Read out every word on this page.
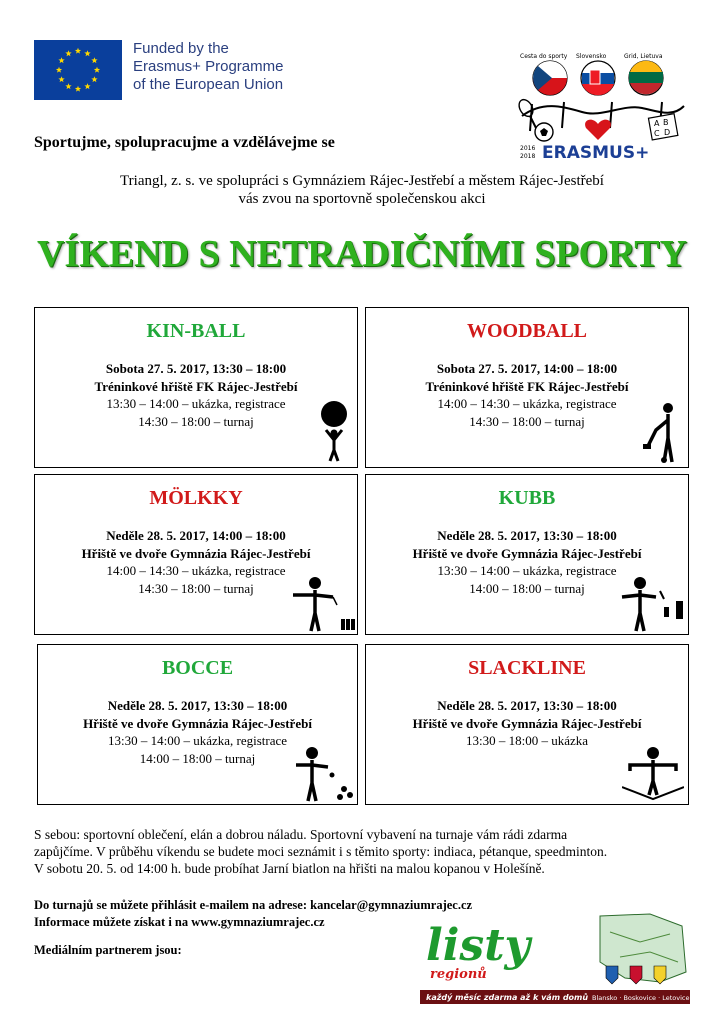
Funded by the
Erasmus+ Programme
of the European Union
Cesta do sporty Slovensko	Grid, Lietuva
A B
C D
2016
2018 ERASMUS+
Sportujme, spolupracujme a vzdělávejme se
Triangl, z. s. ve spolupráci s Gymnáziem Rájec-Jestřebí a městem Rájec-Jestřebí
vás zvou na sportovně společenskou akci
VÍKEND S NETRADIČNÍMI SPORTY
KIN-BALL
Sobota 27. 5. 2017, 13:30 – 18:00
Tréninkové hřiště FK Rájec-Jestřebí
13:30 – 14:00 – ukázka, registrace
14:30 – 18:00 – turnaj
WOODBALL
Sobota 27. 5. 2017, 14:00 – 18:00
Tréninkové hřiště FK Rájec-Jestřebí
14:00 – 14:30 – ukázka, registrace
14:30 – 18:00 – turnaj
MÖLKKY
Neděle 28. 5. 2017, 14:00 – 18:00
Hřiště ve dvoře Gymnázia Rájec-Jestřebí
14:00 – 14:30 – ukázka, registrace
14:30 – 18:00 – turnaj
KUBB
Neděle 28. 5. 2017, 13:30 – 18:00
Hřiště ve dvoře Gymnázia Rájec-Jestřebí
13:30 – 14:00 – ukázka, registrace
14:00 – 18:00 – turnaj
BOCCE
Neděle 28. 5. 2017, 13:30 – 18:00
Hřiště ve dvoře Gymnázia Rájec-Jestřebí
13:30 – 14:00 – ukázka, registrace
14:00 – 18:00 – turnaj
SLACKLINE
Neděle 28. 5. 2017, 13:30 – 18:00
Hřiště ve dvoře Gymnázia Rájec-Jestřebí
13:30 – 18:00 – ukázka
S sebou: sportovní oblečení, elán a dobrou náladu. Sportovní vybavení na turnaje vám rádi zdarma
zapůjčíme. V průběhu víkendu se budete moci seznámit i s těmito sporty: indiaca, pétanque, speedminton.
V sobotu 20. 5. od 14:00 h. bude probíhat Jarní biatlon na hřišti na malou kopanou v Holešíně.
Do turnajů se můžete přihlásit e-mailem na adrese: kancelar@gymnaziumrajec.cz
Informace můžete získat i na www.gymnaziumrajec.cz
Mediálním partnerem jsou:	listy
regionů
každý měsíc zdarma až k vám domů Blansko · Boskovice · Letovice
